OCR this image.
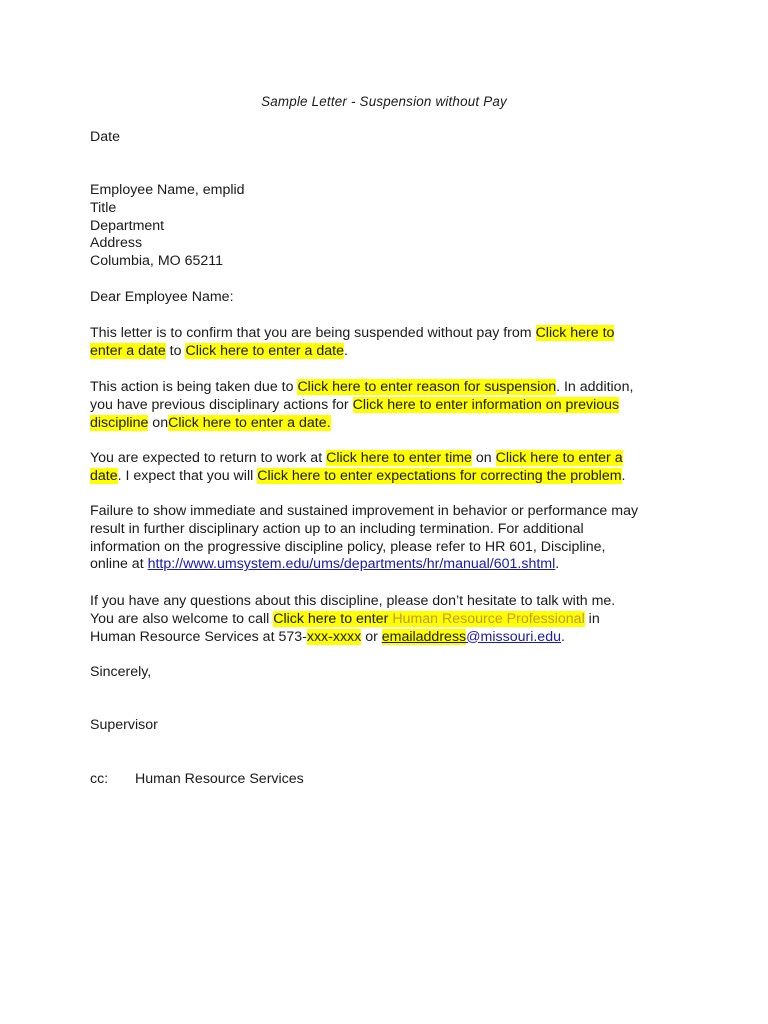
Sample Letter - Suspension without Pay
Date
Employee Name, emplid
Title
Department
Address
Columbia, MO 65211
Dear Employee Name:
This letter is to confirm that you are being suspended without pay from Click here to
enter a date to Click here to enter a date.
This action is being taken due to Click here to enter reason for suspension. In addition,
you have previous disciplinary actions for Click here to enter information on previous
discipline onClick here to enter a date.
You are expected to return to work at Click here to enter time on Click here to enter a
date. I expect that you will Click here to enter expectations for correcting the problem.
Failure to show immediate and sustained improvement in behavior or performance may
result in further disciplinary action up to an including termination. For additional
information on the progressive discipline policy, please refer to HR 601, Discipline,
online at http://www.umsystem.edu/ums/departments/hr/manual/601.shtml.
If you have any questions about this discipline, please don’t hesitate to talk with me.
You are also welcome to call Click here to enter Human Resource Professional in
Human Resource Services at 573-xxx-xxxx or emailaddress@missouri.edu.
Sincerely,
Supervisor
cc: Human Resource Services
